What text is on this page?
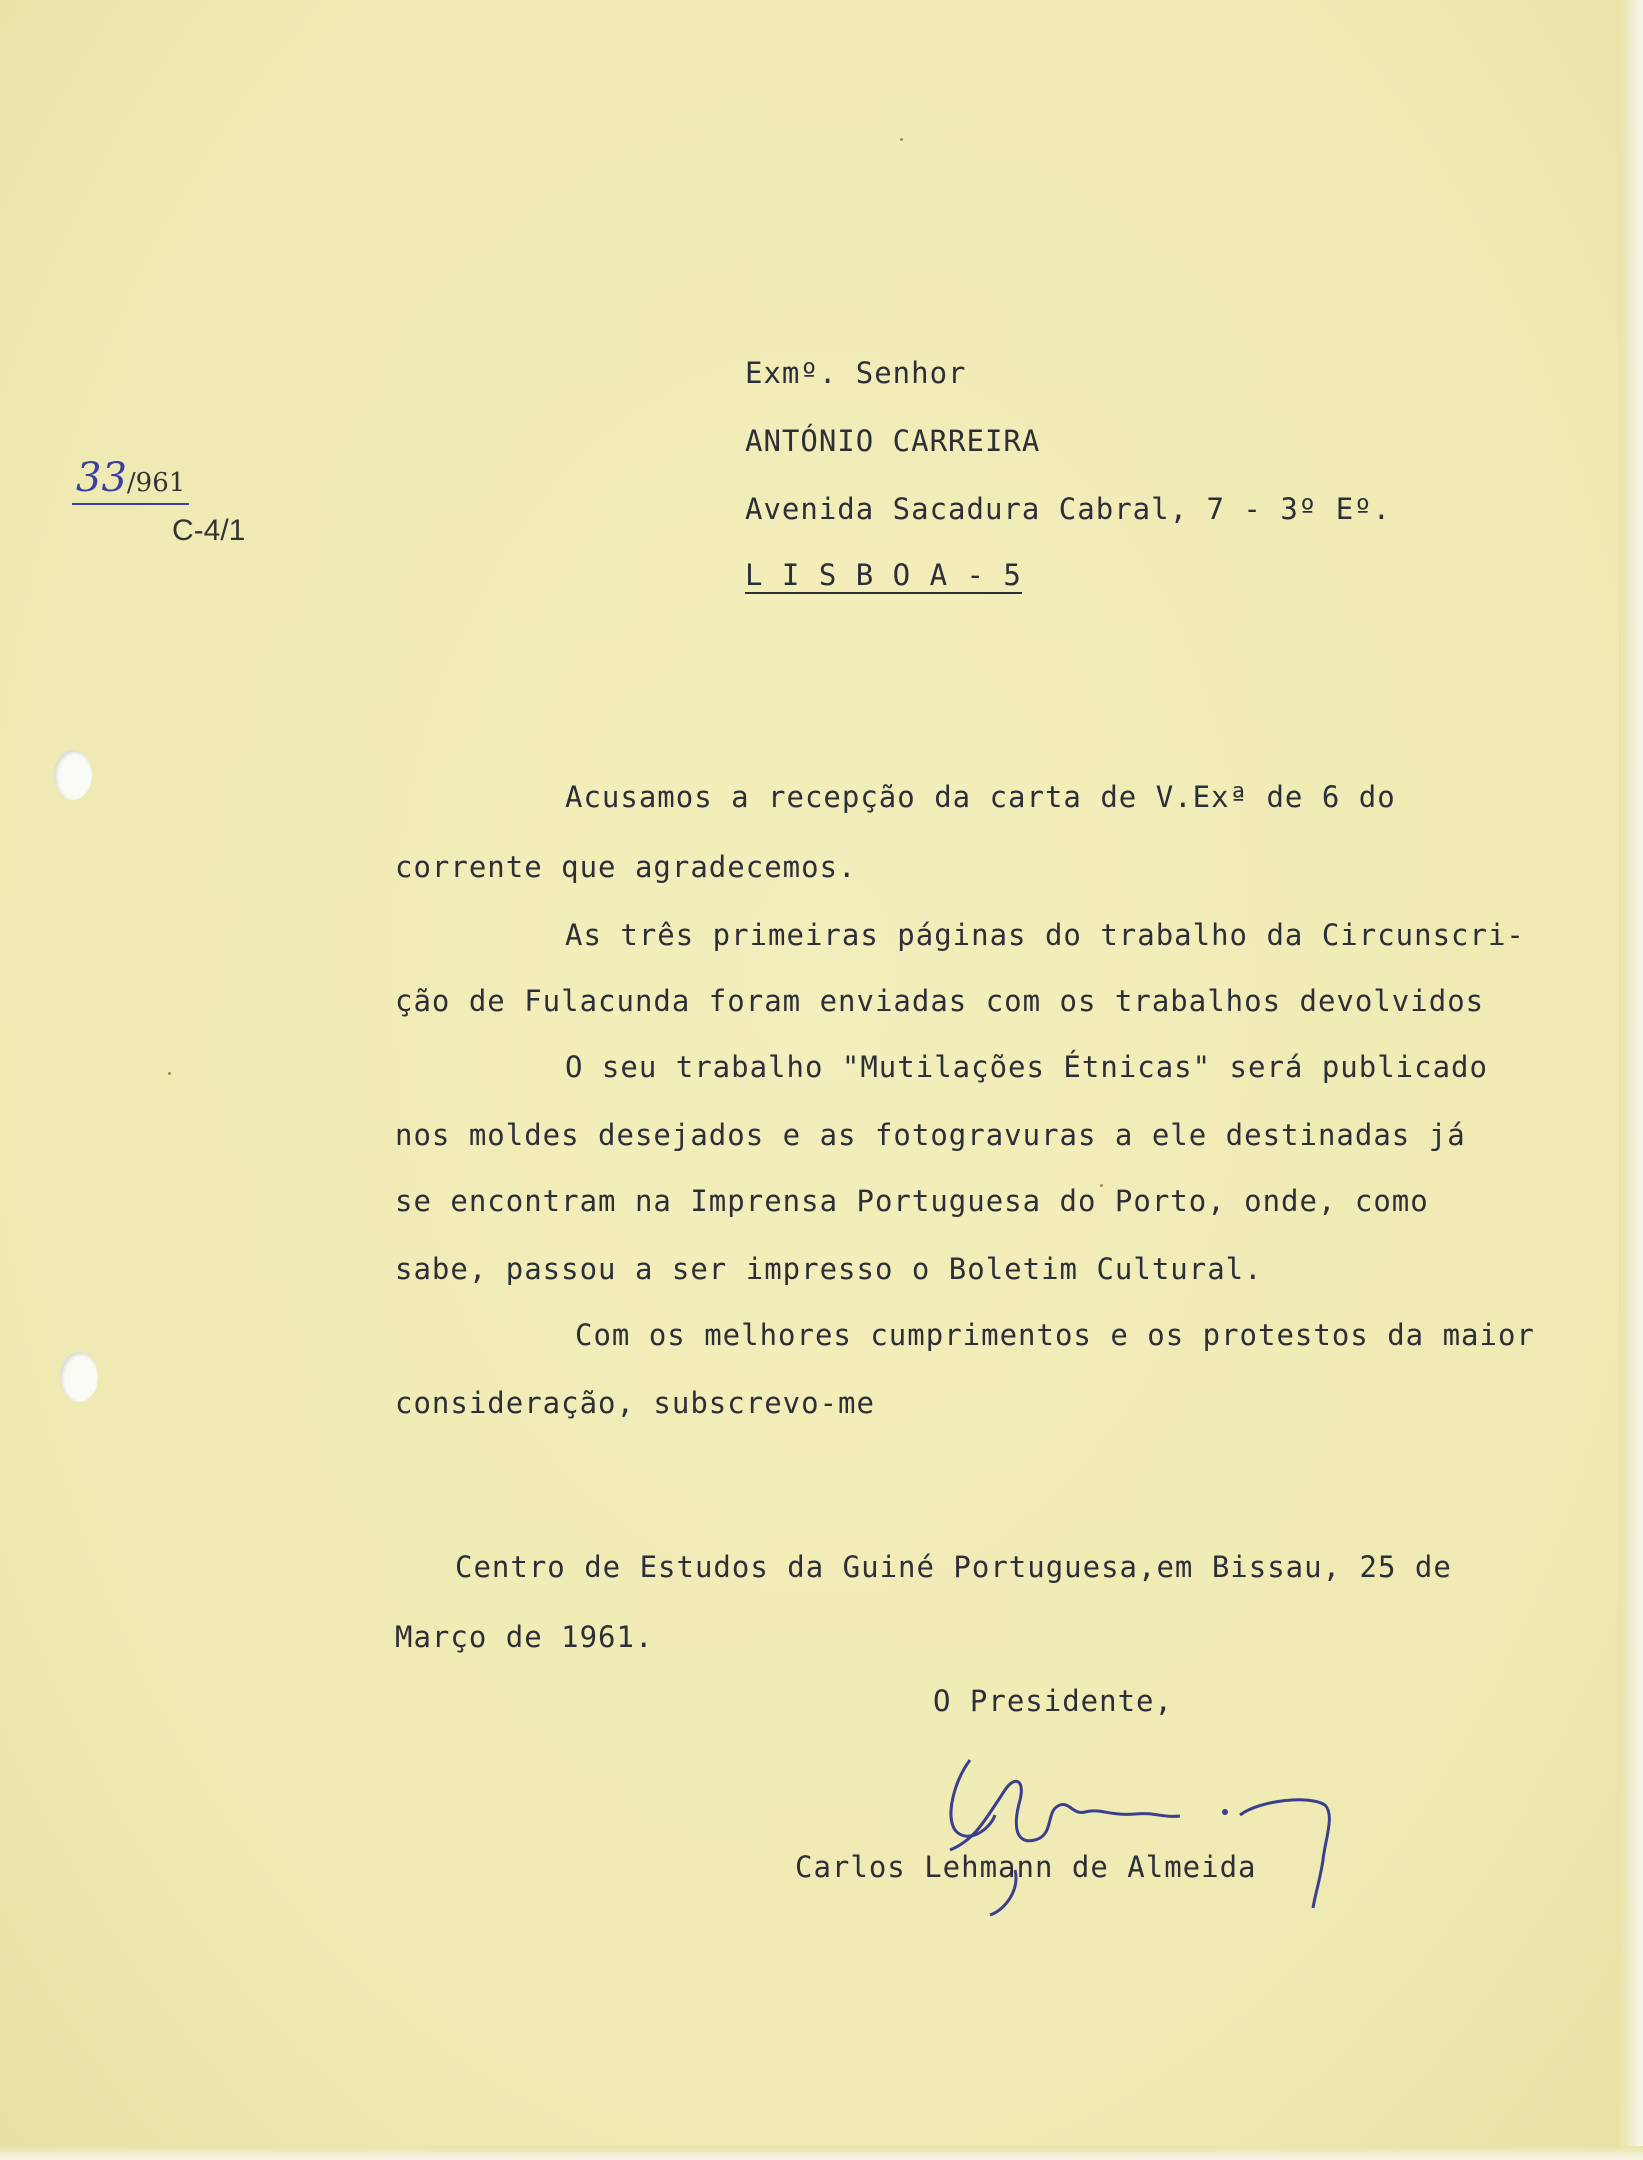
33/961
C-4/1
Exmº. Senhor
ANTÓNIO CARREIRA
Avenida Sacadura Cabral, 7 - 3º Eº.
L I S B O A - 5
Acusamos a recepção da carta de V.Exª de 6 do
corrente que agradecemos.
As três primeiras páginas do trabalho da Circunscri-
ção de Fulacunda foram enviadas com os trabalhos devolvidos
O seu trabalho "Mutilações Étnicas" será publicado
nos moldes desejados e as fotogravuras a ele destinadas já
se encontram na Imprensa Portuguesa do Porto, onde, como
sabe, passou a ser impresso o Boletim Cultural.
Com os melhores cumprimentos e os protestos da maior
consideração, subscrevo-me
Centro de Estudos da Guiné Portuguesa,em Bissau, 25 de
Março de 1961.
O Presidente,
Carlos Lehmann de Almeida
